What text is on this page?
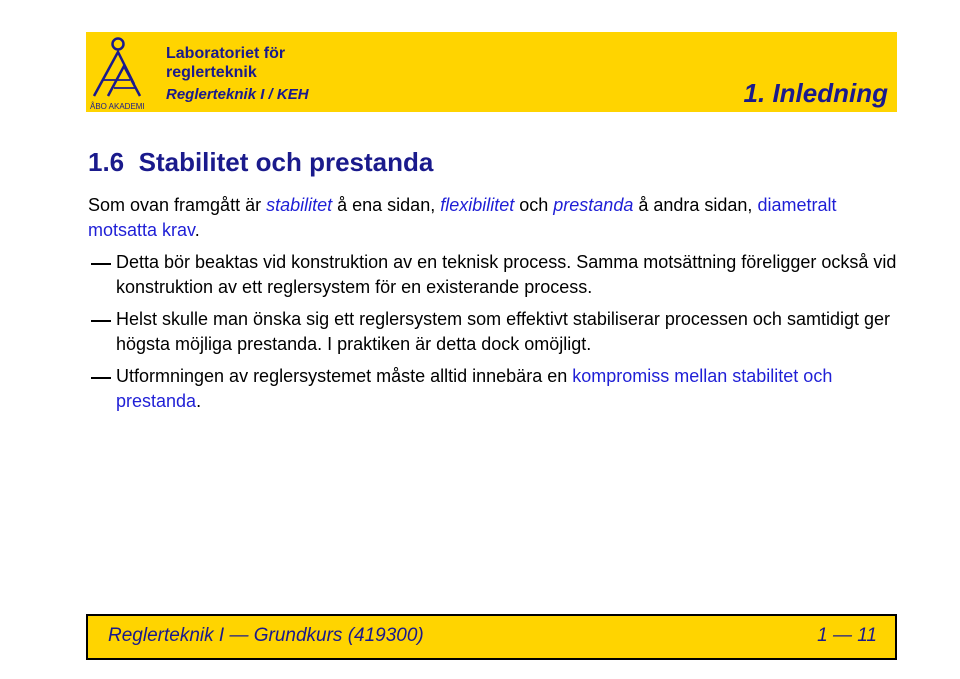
ÅBO AKADEMI

Laboratoriet för

reglerteknik

Reglerteknik I / KEH	1. Inledning

1.6 Stabilitet och prestanda

Som ovan framgått är stabilitet å ena sidan, flexibilitet och prestanda å andra sidan, diametralt motsatta krav.

Detta bör beaktas vid konstruktion av en teknisk process. Samma motsättning föreligger också vid konstruktion av ett reglersystem för en existerande process.
Helst skulle man önska sig ett reglersystem som effektivt stabiliserar processen och samtidigt ger högsta möjliga prestanda. I praktiken är detta dock omöjligt.
Utformningen av reglersystemet måste alltid innebära en kompromiss mellan stabilitet och prestanda.
Reglerteknik I — Grundkurs (419300)	1 — 11
